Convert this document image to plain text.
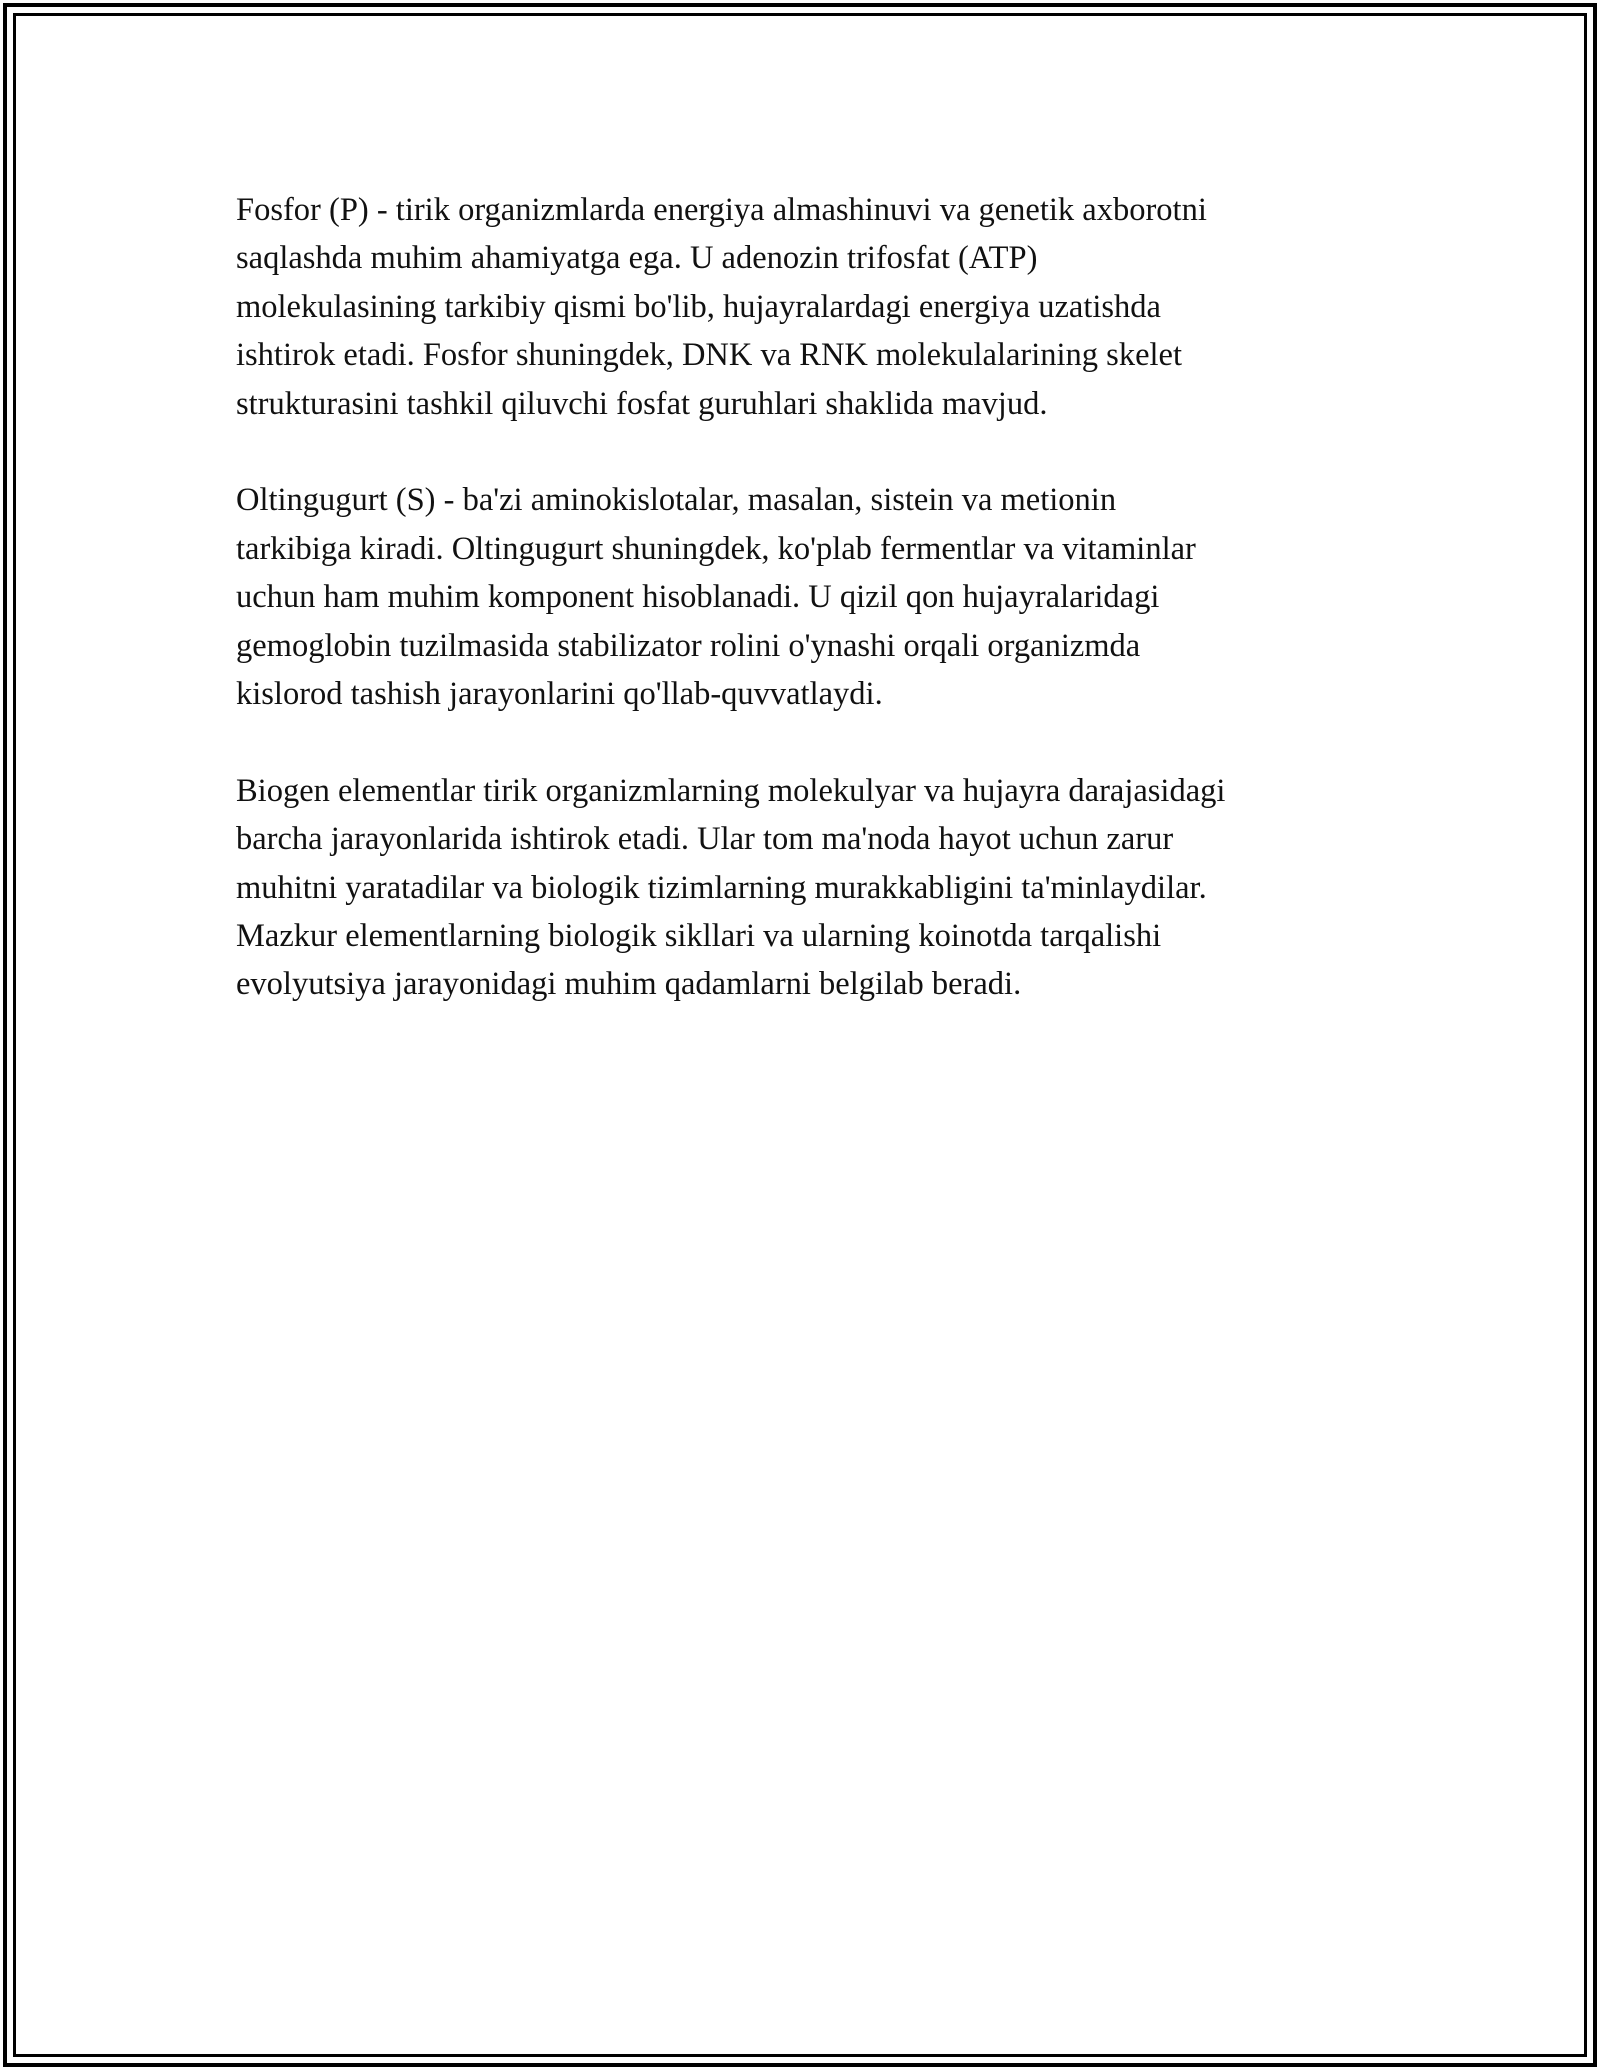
Fosfor (P) - tirik organizmlarda energiya almashinuvi va genetik axborotni
saqlashda muhim ahamiyatga ega. U adenozin trifosfat (ATP)
molekulasining tarkibiy qismi bo'lib, hujayralardagi energiya uzatishda
ishtirok etadi. Fosfor shuningdek, DNK va RNK molekulalarining skelet
strukturasini tashkil qiluvchi fosfat guruhlari shaklida mavjud.

Oltingugurt (S) - ba'zi aminokislotalar, masalan, sistein va metionin
tarkibiga kiradi. Oltingugurt shuningdek, ko'plab fermentlar va vitaminlar
uchun ham muhim komponent hisoblanadi. U qizil qon hujayralaridagi
gemoglobin tuzilmasida stabilizator rolini o'ynashi orqali organizmda
kislorod tashish jarayonlarini qo'llab-quvvatlaydi.

Biogen elementlar tirik organizmlarning molekulyar va hujayra darajasidagi
barcha jarayonlarida ishtirok etadi. Ular tom ma'noda hayot uchun zarur
muhitni yaratadilar va biologik tizimlarning murakkabligini ta'minlaydilar.
Mazkur elementlarning biologik sikllari va ularning koinotda tarqalishi
evolyutsiya jarayonidagi muhim qadamlarni belgilab beradi.
